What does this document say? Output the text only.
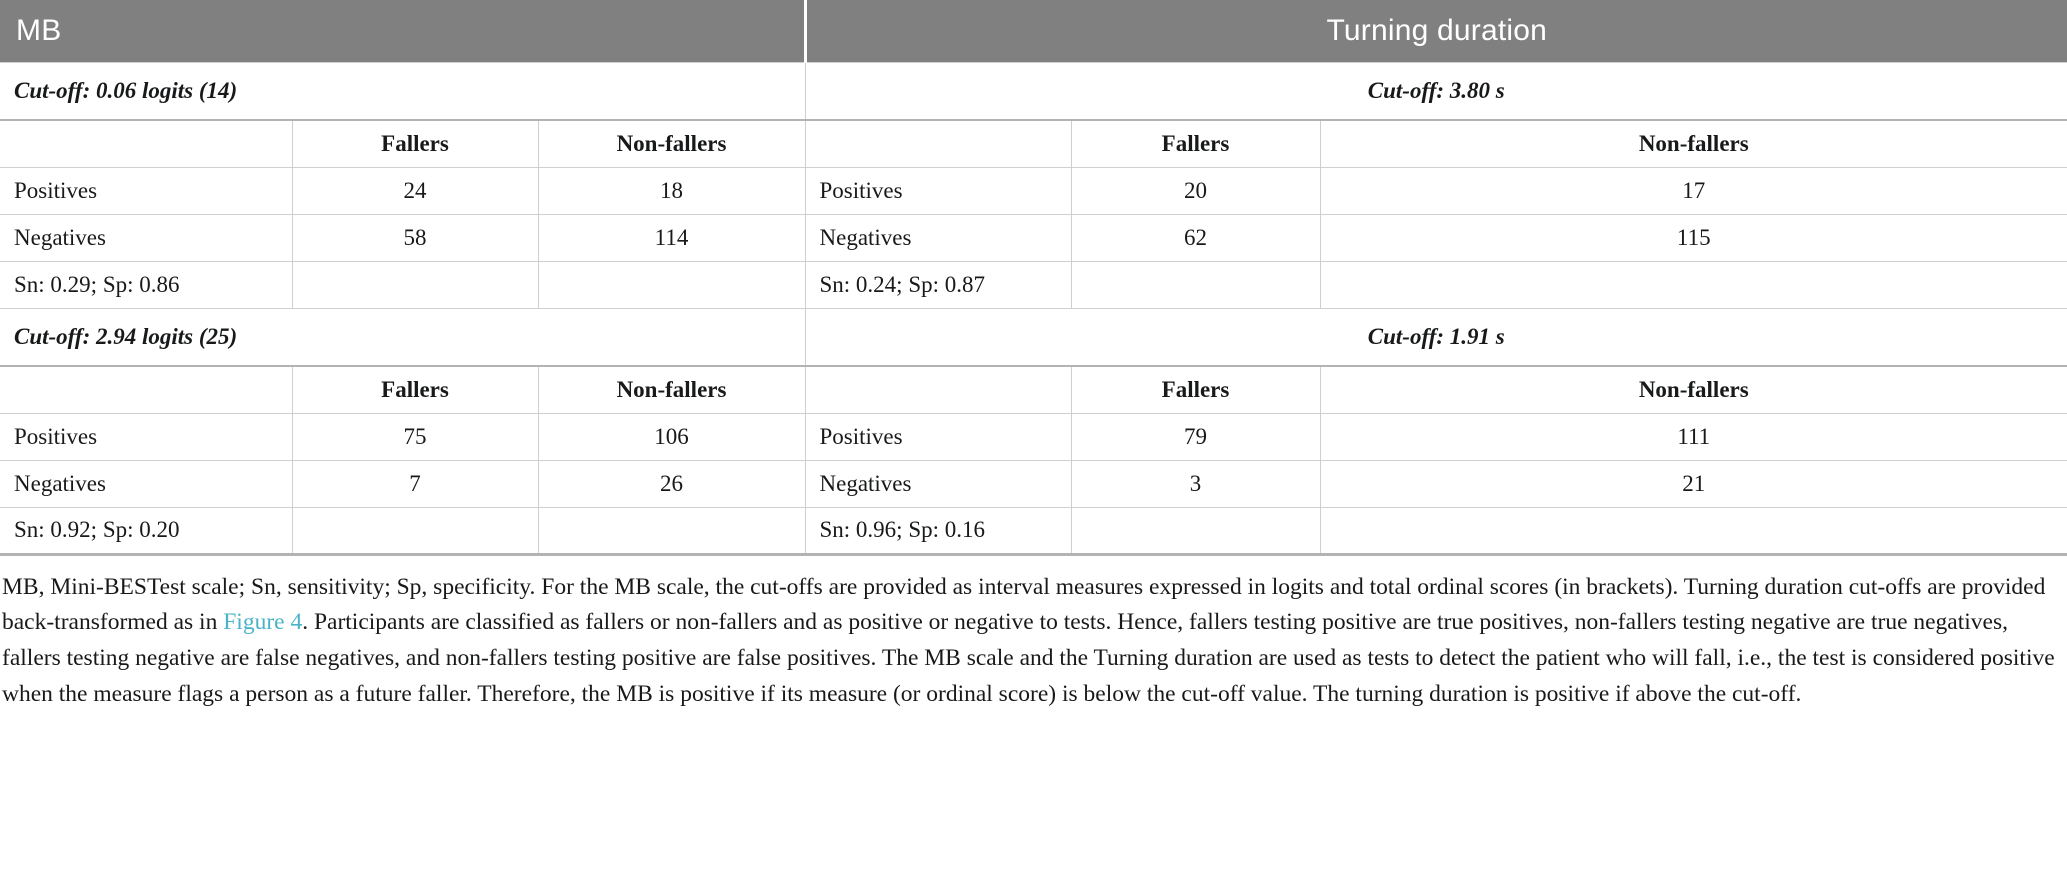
MB			Turning duration		
Cut-off: 0.06 logits (14)			Cut-off: 3.80 s		
	Fallers	Non-fallers		Fallers	Non-fallers
Positives	24	18	Positives	20	17
Negatives	58	114	Negatives	62	115
Sn: 0.29; Sp: 0.86			Sn: 0.24; Sp: 0.87		
Cut-off: 2.94 logits (25)			Cut-off: 1.91 s		
	Fallers	Non-fallers		Fallers	Non-fallers
Positives	75	106	Positives	79	111
Negatives	7	26	Negatives	3	21
Sn: 0.92; Sp: 0.20			Sn: 0.96; Sp: 0.16		
MB, Mini-BESTest scale; Sn, sensitivity; Sp, specificity. For the MB scale, the cut-offs are provided as interval measures expressed in logits and total ordinal scores (in brackets). Turning duration cut-offs are provided back-transformed as in Figure 4. Participants are classified as fallers or non-fallers and as positive or negative to tests. Hence, fallers testing positive are true positives, non-fallers testing negative are true negatives, fallers testing negative are false negatives, and non-fallers testing positive are false positives. The MB scale and the Turning duration are used as tests to detect the patient who will fall, i.e., the test is considered positive when the measure flags a person as a future faller. Therefore, the MB is positive if its measure (or ordinal score) is below the cut-off value. The turning duration is positive if above the cut-off.
